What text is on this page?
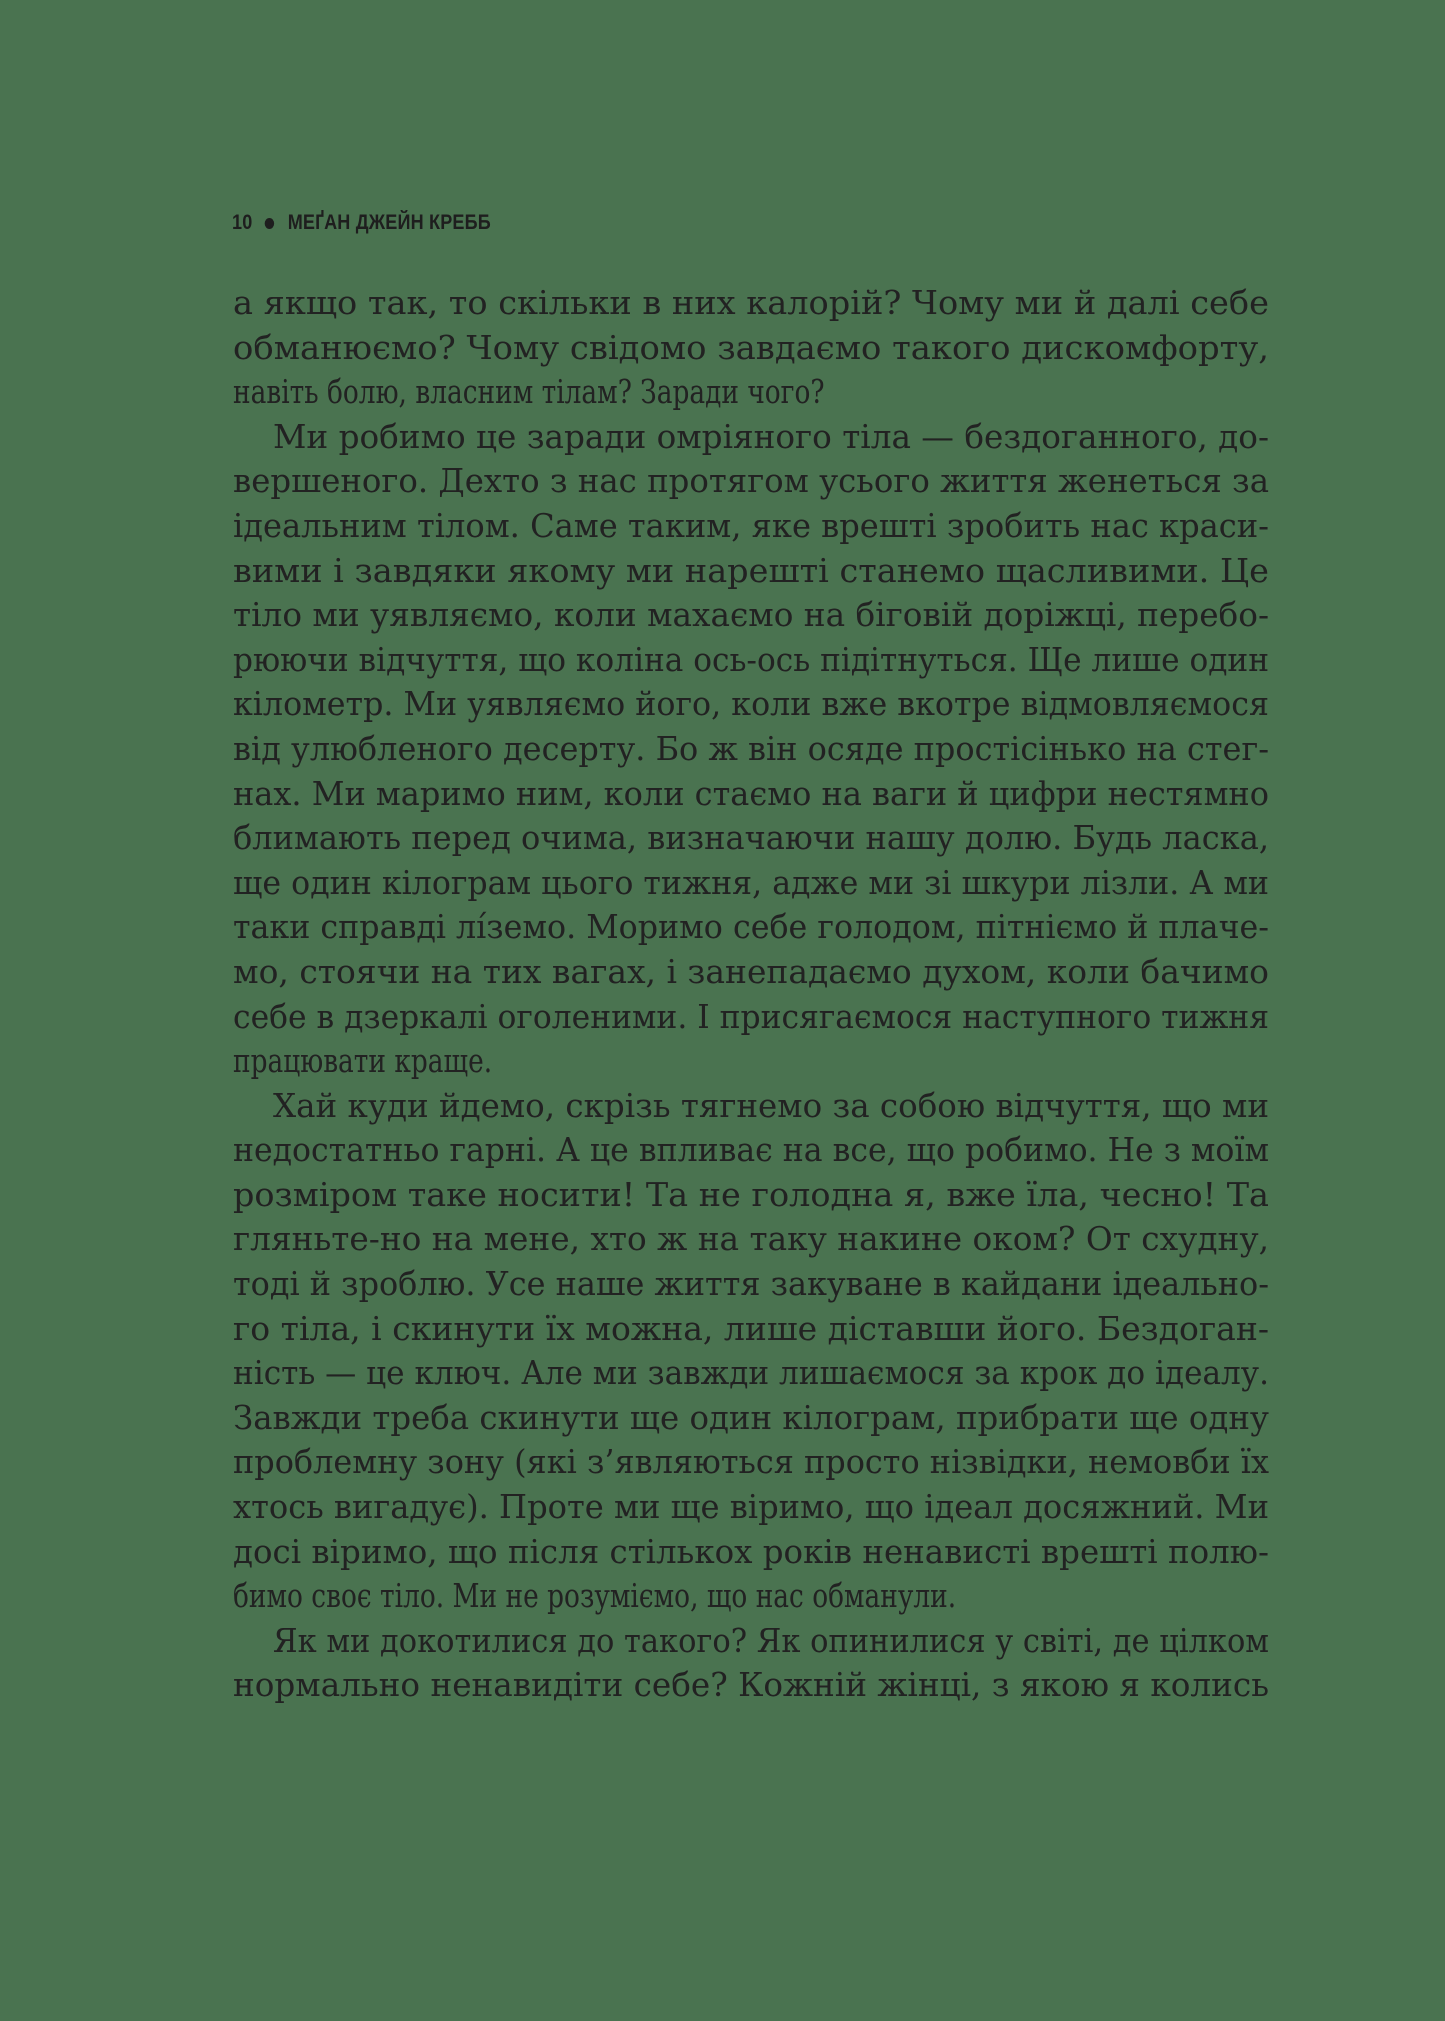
10 МЕҐАН ДЖЕЙН КРЕББ
а якщо так, то скільки в них калорій? Чому ми й далі себе
обманюємо? Чому свідомо завдаємо такого дискомфорту,
навіть болю, власним тілам? Заради чого?
Ми робимо це заради омріяного тіла — бездоганного, до-
вершеного. Дехто з нас протягом усього життя женеться за
ідеальним тілом. Саме таким, яке врешті зробить нас краси-
вими і завдяки якому ми нарешті станемо щасливими. Це
тіло ми уявляємо, коли махаємо на біговій доріжці, перебо-
рюючи відчуття, що коліна ось-ось підітнуться. Ще лише один
кілометр. Ми уявляємо його, коли вже вкотре відмовляємося
від улюбленого десерту. Бо ж він осяде простісінько на стег-
нах. Ми маримо ним, коли стаємо на ваги й цифри нестямно
блимають перед очима, визначаючи нашу долю. Будь ласка,
ще один кілограм цього тижня, адже ми зі шкури лізли. А ми
таки справді лíземо. Моримо себе голодом, пітніємо й плаче-
мо, стоячи на тих вагах, і занепадаємо духом, коли бачимо
себе в дзеркалі оголеними. І присягаємося наступного тижня
працювати краще.
Хай куди йдемо, скрізь тягнемо за собою відчуття, що ми
недостатньо гарні. А це впливає на все, що робимо. Не з моїм
розміром таке носити! Та не голодна я, вже їла, чесно! Та
гляньте-но на мене, хто ж на таку накине оком? От схудну,
тоді й зроблю. Усе наше життя закуване в кайдани ідеально-
го тіла, і скинути їх можна, лише діставши його. Бездоган-
ність — це ключ. Але ми завжди лишаємося за крок до ідеалу.
Завжди треба скинути ще один кілограм, прибрати ще одну
проблемну зону (які з’являються просто нізвідки, немовби їх
хтось вигадує). Проте ми ще віримо, що ідеал досяжний. Ми
досі віримо, що після стількох років ненависті врешті полю-
бимо своє тіло. Ми не розуміємо, що нас обманули.
Як ми докотилися до такого? Як опинилися у світі, де цілком
нормально ненавидіти себе? Кожній жінці, з якою я колись
